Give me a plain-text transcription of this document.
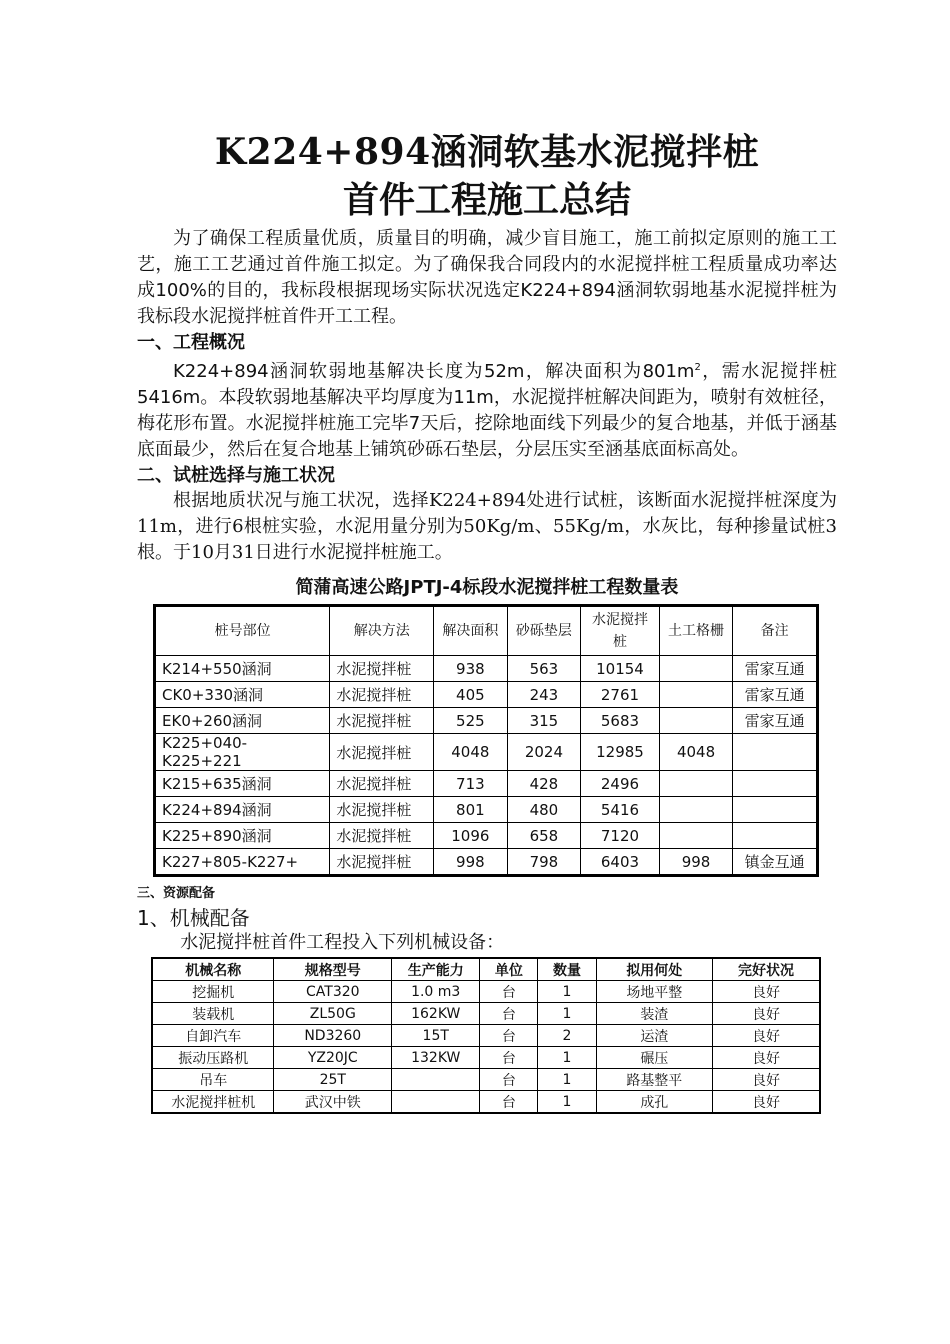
K224+894涵洞软基水泥搅拌桩
首件工程施工总结

为了确保工程质量优质，质量目的明确，减少盲目施工，施工前拟定原则的施工工艺，施工工艺通过首件施工拟定。为了确保我合同段内的水泥搅拌桩工程质量成功率达成100%的目的，我标段根据现场实际状况选定K224+894涵洞软弱地基水泥搅拌桩为我标段水泥搅拌桩首件开工工程。

一、工程概况

K224+894涵洞软弱地基解决长度为52m，解决面积为$801m^2$，需水泥搅拌桩5416m。本段软弱地基解决平均厚度为11m，水泥搅拌桩解决间距为，喷射有效桩径，梅花形布置。水泥搅拌桩施工完毕7天后，挖除地面线下列最少的复合地基，并低于涵基底面最少，然后在复合地基上铺筑砂砾石垫层，分层压实至涵基底面标高处。

二、试桩选择与施工状况

根据地质状况与施工状况，选择K224+894处进行试桩，该断面水泥搅拌桩深度为11m，进行6根桩实验，水泥用量分别为50Kg/m、55Kg/m，水灰比，每种掺量试桩3根。于10月31日进行水泥搅拌桩施工。

简蒲高速公路JPTJ-4标段水泥搅拌桩工程数量表
桩号部位	解决方法	解决面积	砂砾垫层	水泥搅拌桩	土工格栅	备注
K214+550涵洞	水泥搅拌桩	938	563	10154		雷家互通
CK0+330涵洞	水泥搅拌桩	405	243	2761		雷家互通
EK0+260涵洞	水泥搅拌桩	525	315	5683		雷家互通
K225+040-K225+221	水泥搅拌桩	4048	2024	12985	4048	
K215+635涵洞	水泥搅拌桩	713	428	2496		
K224+894涵洞	水泥搅拌桩	801	480	5416		
K225+890涵洞	水泥搅拌桩	1096	658	7120		
K227+805-K227+	水泥搅拌桩	998	798	6403	998	镇金互通
三、资源配备
1、机械配备

水泥搅拌桩首件工程投入下列机械设备：

机械名称	规格型号	生产能力	单位	数量	拟用何处	完好状况
挖掘机	CAT320	1.0 m3	台	1	场地平整	良好
装载机	ZL50G	162KW	台	1	装渣	良好
自卸汽车	ND3260	15T	台	2	运渣	良好
振动压路机	YZ20JC	132KW	台	1	碾压	良好
吊车	25T		台	1	路基整平	良好
水泥搅拌桩机	武汉中铁		台	1	成孔	良好
